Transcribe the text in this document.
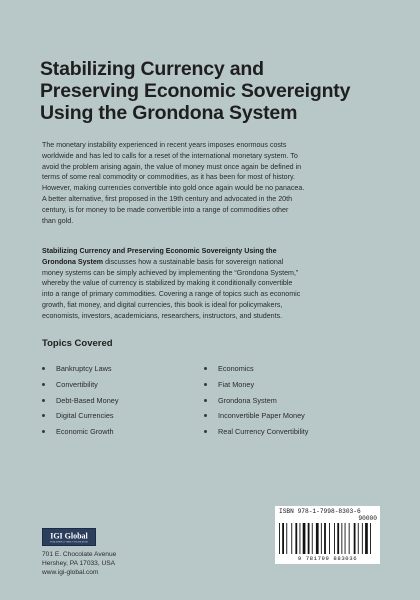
Stabilizing Currency and
Preserving Economic Sovereignty
Using the Grondona System
The monetary instability experienced in recent years imposes enormous costs
worldwide and has led to calls for a reset of the international monetary system. To
avoid the problem arising again, the value of money must once again be defined in
terms of some real commodity or commodities, as it has been for most of history.
However, making currencies convertible into gold once again would be no panacea.
A better alternative, first proposed in the 19th century and advocated in the 20th
century, is for money to be made convertible into a range of commodities other
than gold.
Stabilizing Currency and Preserving Economic Sovereignty Using the
Grondona System discusses how a sustainable basis for sovereign national
money systems can be simply achieved by implementing the “Grondona System,”
whereby the value of currency is stabilized by making it conditionally convertible
into a range of primary commodities. Covering a range of topics such as economic
growth, fiat money, and digital currencies, this book is ideal for policymakers,
economists, investors, academicians, researchers, instructors, and students.
Topics Covered
Bankruptcy Laws
Convertibility
Debt-Based Money
Digital Currencies
Economic Growth
Economics
Fiat Money
Grondona System
Inconvertible Paper Money
Real Currency Convertibility
IGI Global
PUBLISHER of TIMELY KNOWLEDGE
701 E. Chocolate Avenue
Hershey, PA 17033, USA
www.igi-global.com
ISBN 978-1-7998-8303-6
90000
9 781799 883036
